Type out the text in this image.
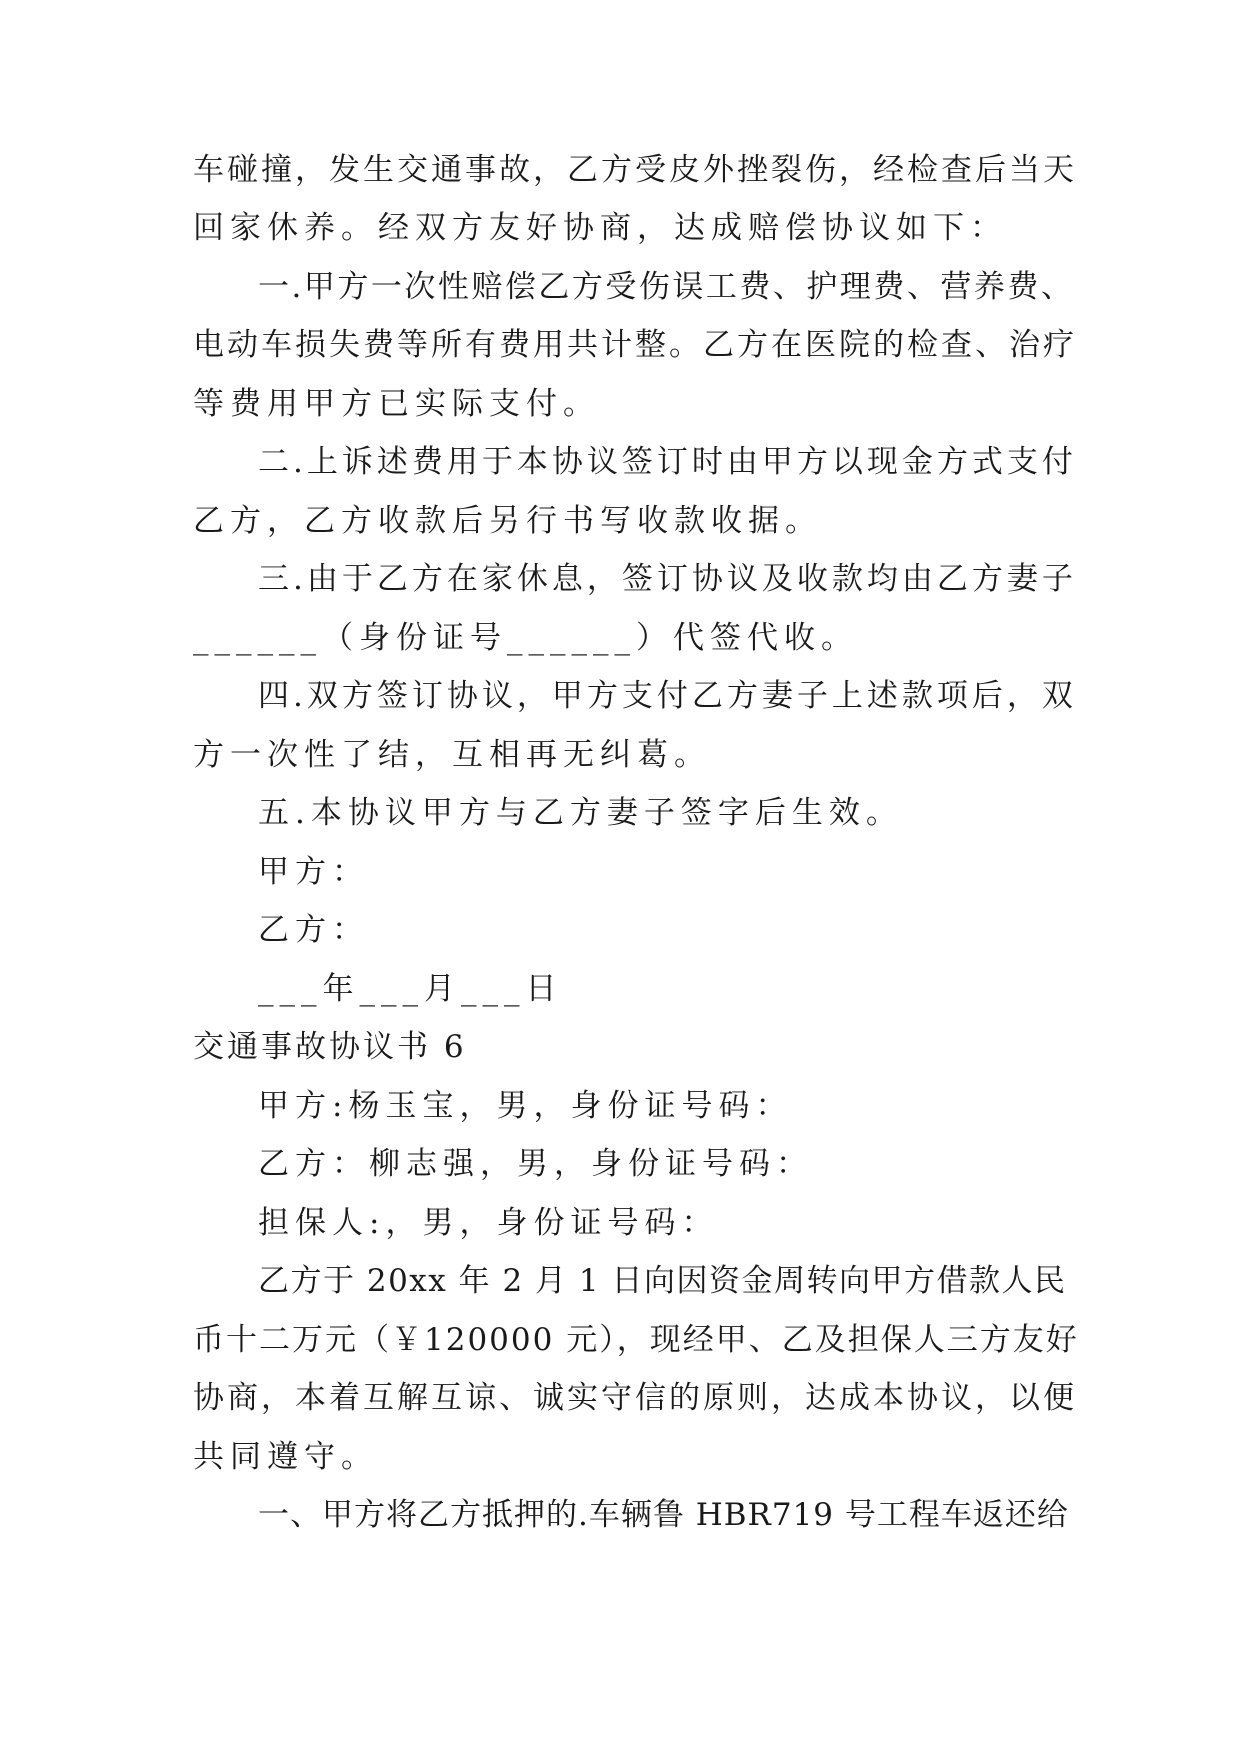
车碰撞，发生交通事故，乙方受皮外挫裂伤，经检查后当天

回家休养。经双方友好协商，达成赔偿协议如下：

一.甲方一次性赔偿乙方受伤误工费、护理费、营养费、

电动车损失费等所有费用共计整。乙方在医院的检查、治疗

等费用甲方已实际支付。

二.上诉述费用于本协议签订时由甲方以现金方式支付

乙方，乙方收款后另行书写收款收据。

三.由于乙方在家休息，签订协议及收款均由乙方妻子

______（身份证号______）代签代收。

四.双方签订协议，甲方支付乙方妻子上述款项后，双

方一次性了结，互相再无纠葛。

五.本协议甲方与乙方妻子签字后生效。

甲方：

乙方：

___年___月___日

交通事故协议书 6

甲方:杨玉宝，男，身份证号码：

乙方：柳志强，男，身份证号码：

担保人:，男，身份证号码：

乙方于 20xx 年 2 月 1 日向因资金周转向甲方借款人民

币十二万元（￥120000 元），现经甲、乙及担保人三方友好

协商，本着互解互谅、诚实守信的原则，达成本协议，以便

共同遵守。

一、甲方将乙方抵押的.车辆鲁 HBR719 号工程车返还给
